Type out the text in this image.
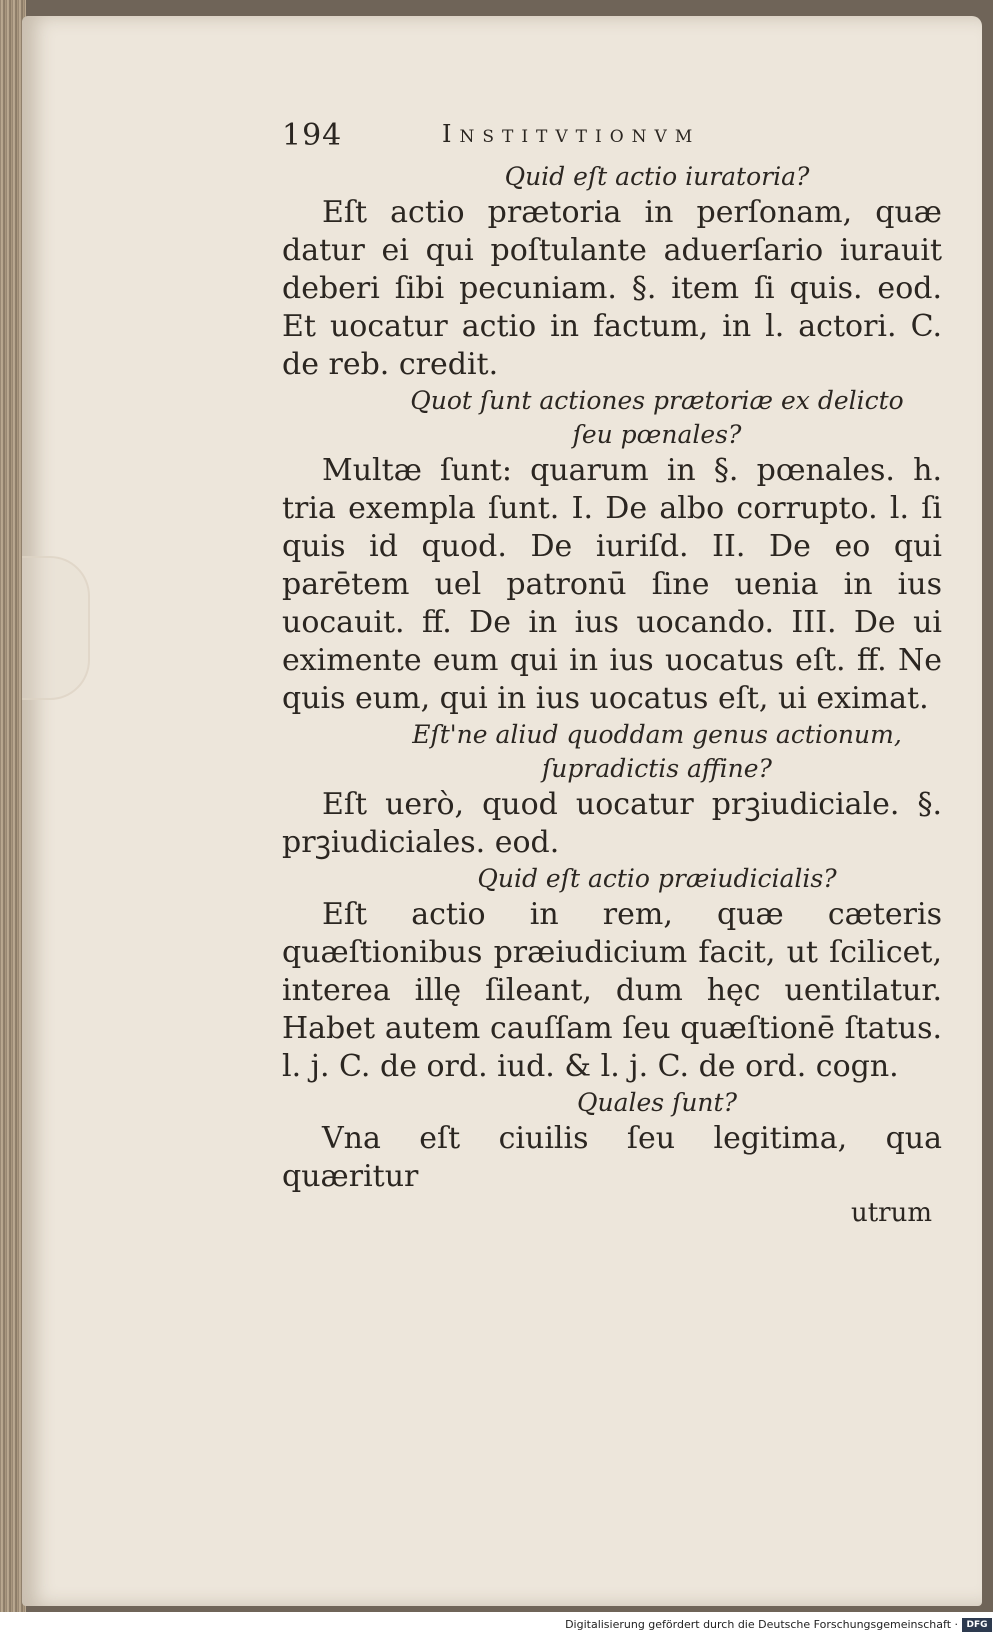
194	Institvtionvm

Quid eſt actio iuratoria?

Eſt actio prætoria in perſonam, quæ datur ei qui poſtulante aduerſario iurauit deberi ſibi pecuniam. §. item ſi quis. eod. Et uocatur actio in factum, in l. actori. C. de reb. credit.

Quot ſunt actiones prætoriæ ex delicto ſeu pœnales?

Multæ ſunt: quarum in §. pœnales. h. tria exempla ſunt. I. De albo corrupto. l. ſi quis id quod. De iuriſd. II. De eo qui parētem uel patronū ſine uenia in ius uocauit. ff. De in ius uocando. III. De ui eximente eum qui in ius uocatus eſt. ff. Ne quis eum, qui in ius uocatus eſt, ui eximat.

Eſt'ne aliud quoddam genus actionum, ſupradictis affine?

Eſt uerò, quod uocatur prꝫiudiciale. §. prꝫiudiciales. eod.

Quid eſt actio præiudicialis?

Eſt actio in rem, quæ cæteris quæſtionibus præiudicium facit, ut ſcilicet, interea illę ſileant, dum hęc uentilatur. Habet autem cauſſam ſeu quæſtionē ſtatus. l. j. C. de ord. iud. & l. j. C. de ord. cogn.

Quales ſunt?

Vna eſt ciuilis ſeu legitima, qua quæritur

utrum

Digitalisierung gefördert durch die Deutsche Forschungsgemeinschaft · DFG
